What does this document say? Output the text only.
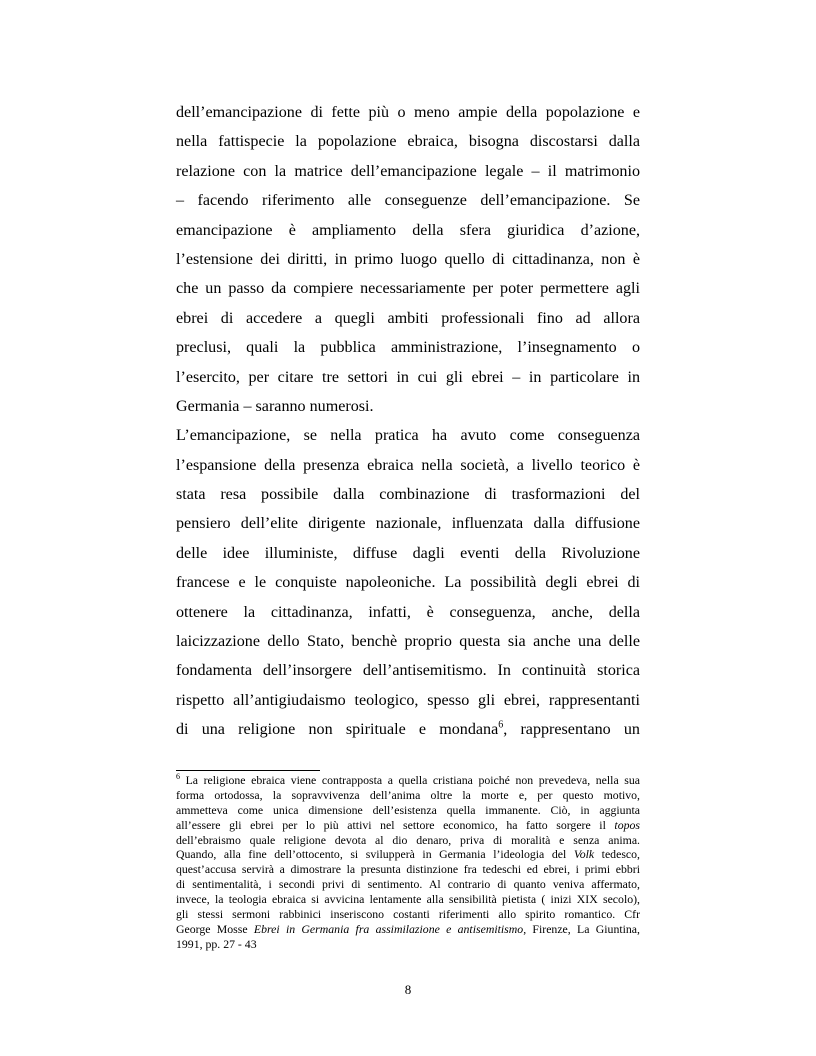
dell’emancipazione di fette più o meno ampie della popolazione e
nella fattispecie la popolazione ebraica, bisogna discostarsi dalla
relazione con la matrice dell’emancipazione legale – il matrimonio
– facendo riferimento alle conseguenze dell’emancipazione. Se
emancipazione è ampliamento della sfera giuridica d’azione,
l’estensione dei diritti, in primo luogo quello di cittadinanza, non è
che un passo da compiere necessariamente per poter permettere agli
ebrei di accedere a quegli ambiti professionali fino ad allora
preclusi, quali la pubblica amministrazione, l’insegnamento o
l’esercito, per citare tre settori in cui gli ebrei – in particolare in
Germania – saranno numerosi.
L’emancipazione, se nella pratica ha avuto come conseguenza
l’espansione della presenza ebraica nella società, a livello teorico è
stata resa possibile dalla combinazione di trasformazioni del
pensiero dell’elite dirigente nazionale, influenzata dalla diffusione
delle idee illuministe, diffuse dagli eventi della Rivoluzione
francese e le conquiste napoleoniche. La possibilità degli ebrei di
ottenere la cittadinanza, infatti, è conseguenza, anche, della
laicizzazione dello Stato, benchè proprio questa sia anche una delle
fondamenta dell’insorgere dell’antisemitismo. In continuità storica
rispetto all’antigiudaismo teologico, spesso gli ebrei, rappresentanti
di una religione non spirituale e mondana$^6$, rappresentano un
$^6$ La religione ebraica viene contrapposta a quella cristiana poiché non prevedeva, nella sua
forma ortodossa, la sopravvivenza dell’anima oltre la morte e, per questo motivo,
ammetteva come unica dimensione dell’esistenza quella immanente. Ciò, in aggiunta
all’essere gli ebrei per lo più attivi nel settore economico, ha fatto sorgere il topos
dell’ebraismo quale religione devota al dio denaro, priva di moralità e senza anima.
Quando, alla fine dell’ottocento, si svilupperà in Germania l’ideologia del Volk tedesco,
quest’accusa servirà a dimostrare la presunta distinzione fra tedeschi ed ebrei, i primi ebbri
di sentimentalità, i secondi privi di sentimento. Al contrario di quanto veniva affermato,
invece, la teologia ebraica si avvicina lentamente alla sensibilità pietista ( inizi XIX secolo),
gli stessi sermoni rabbinici inseriscono costanti riferimenti allo spirito romantico. Cfr
George Mosse Ebrei in Germania fra assimilazione e antisemitismo, Firenze, La Giuntina,
1991, pp. 27 - 43
8
